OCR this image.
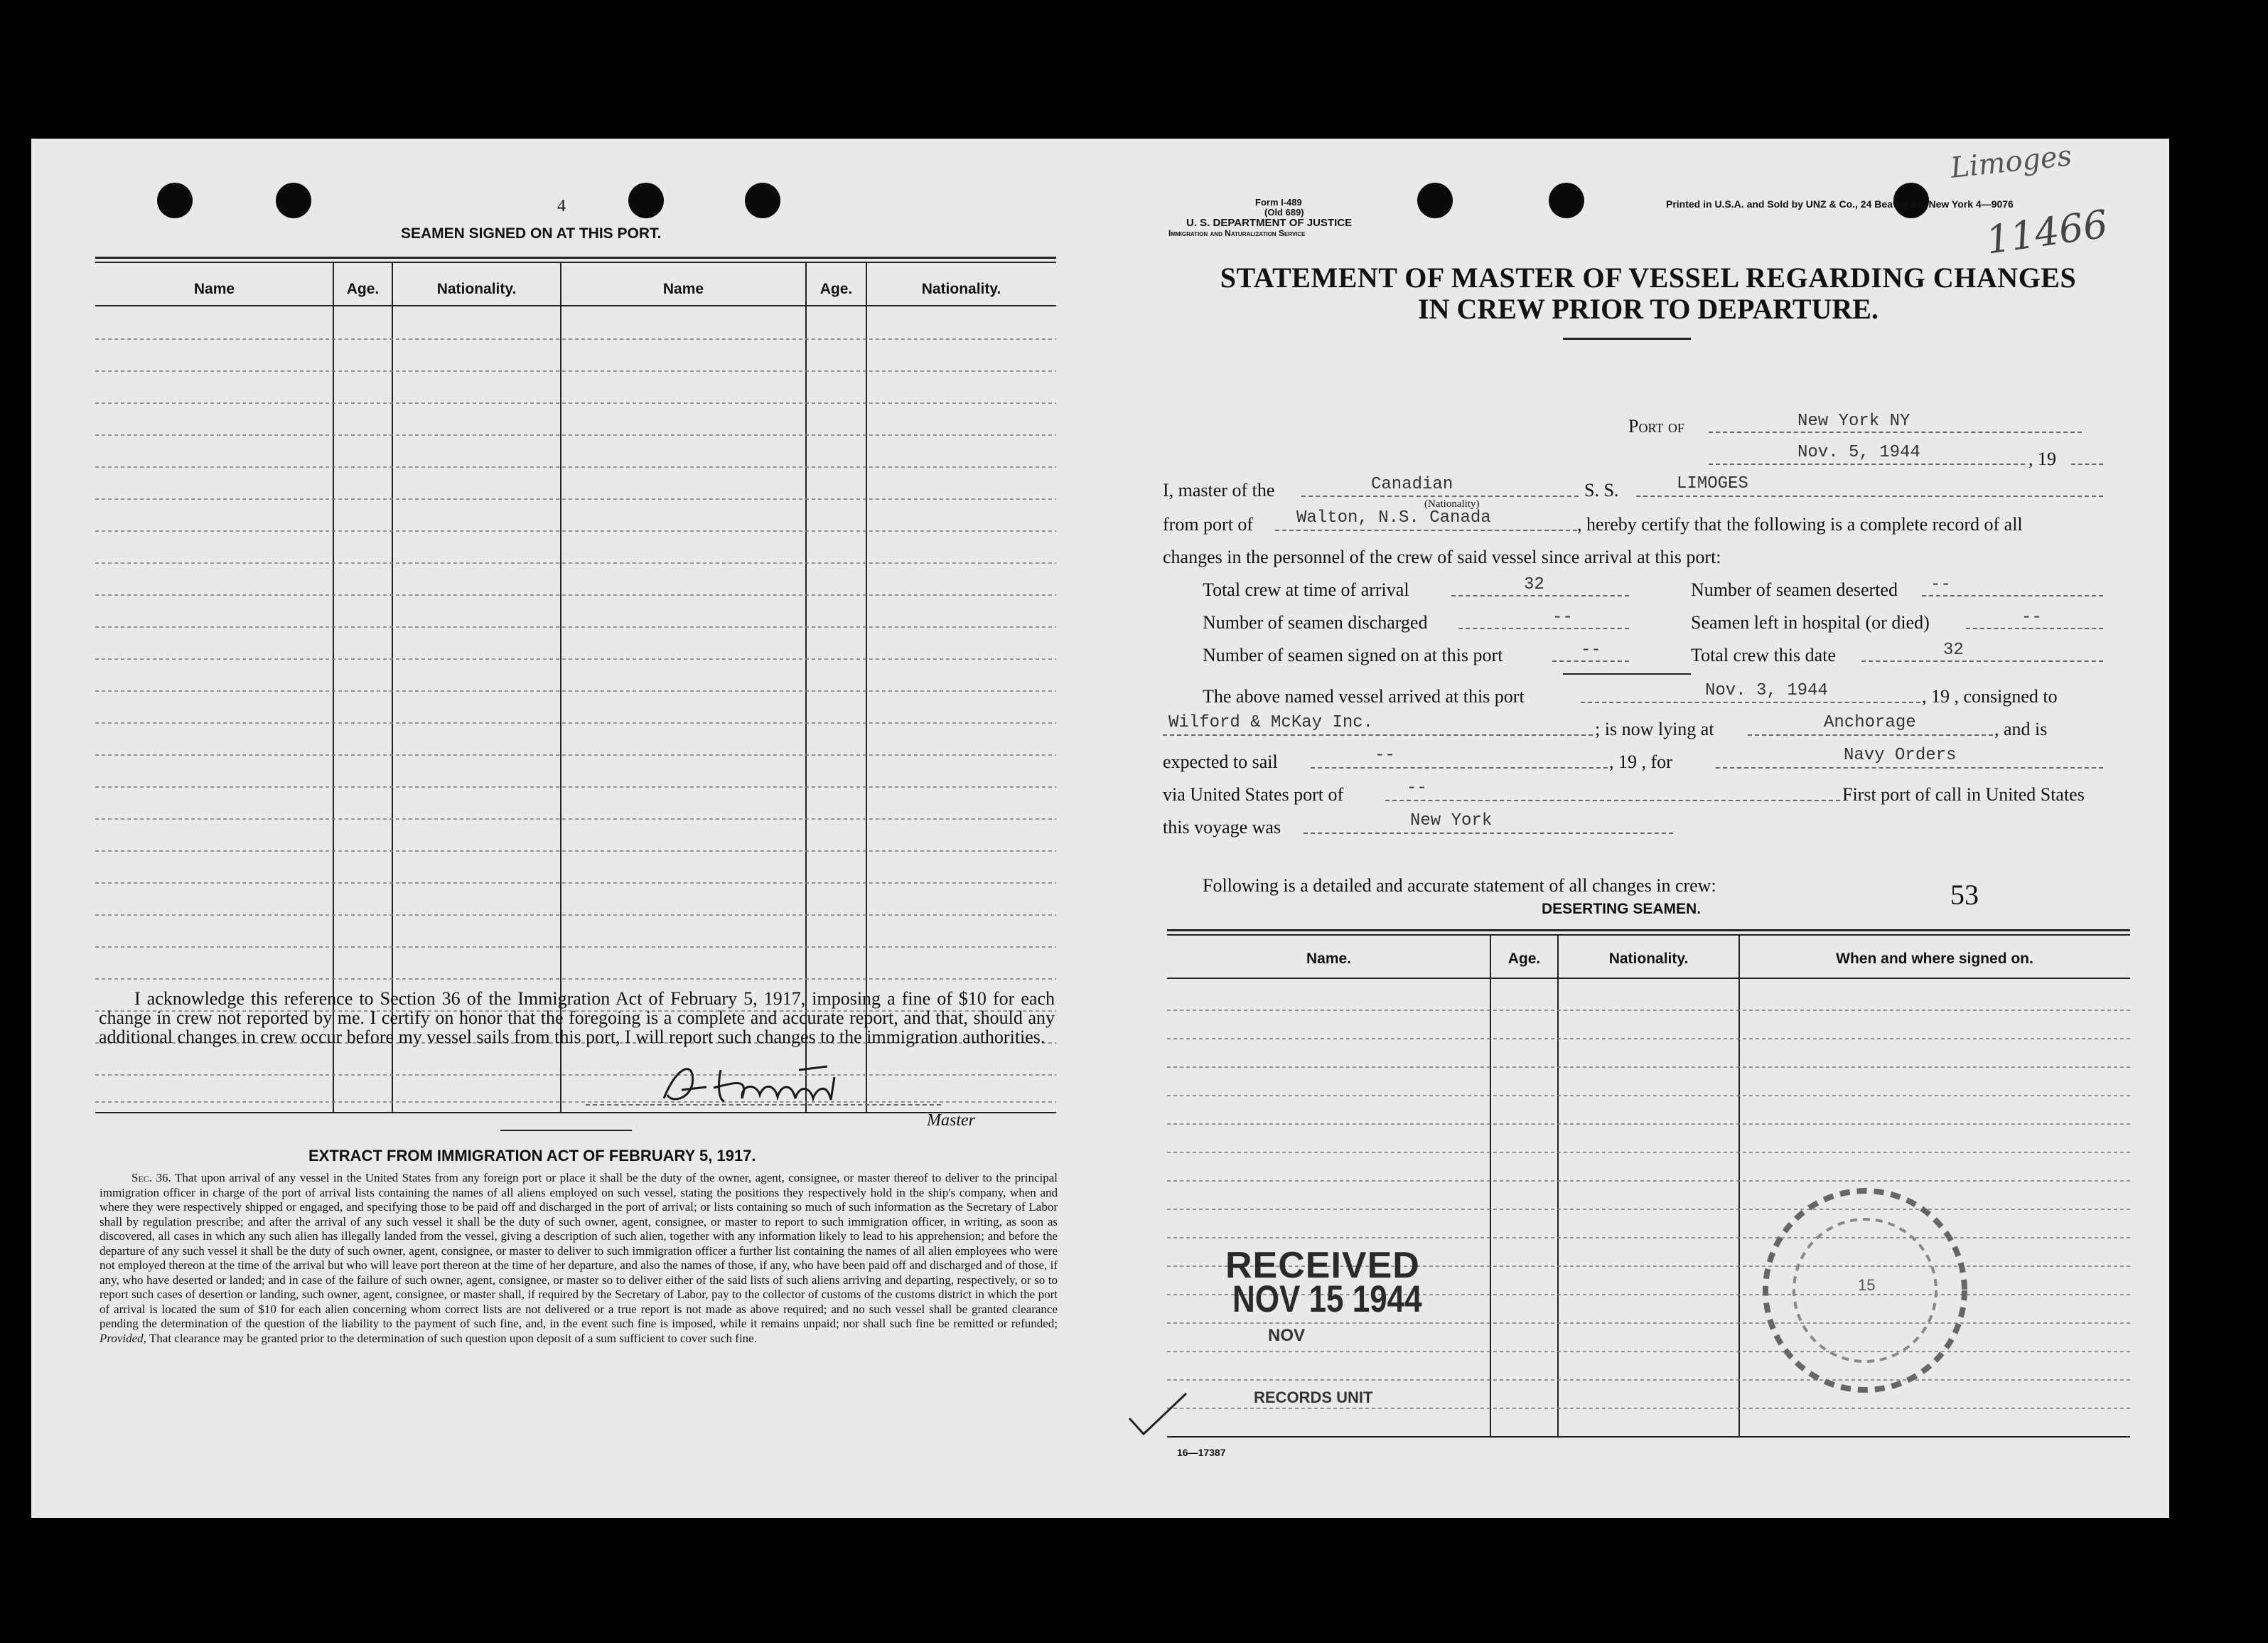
4
SEAMEN SIGNED ON AT THIS PORT.
Name	Age.	Nationality.	Name	Age.	Nationality.
I acknowledge this reference to Section 36 of the Immigration Act of February 5, 1917, imposing a fine of $10 for each change in crew not reported by me. I certify on honor that the foregoing is a complete and accurate report, and that, should any additional changes in crew occur before my vessel sails from this port, I will report such changes to the immigration authorities.
Master
EXTRACT FROM IMMIGRATION ACT OF FEBRUARY 5, 1917.
Sec. 36. That upon arrival of any vessel in the United States from any foreign port or place it shall be the duty of the owner, agent, consignee, or master thereof to deliver to the principal immigration officer in charge of the port of arrival lists containing the names of all aliens employed on such vessel, stating the positions they respectively hold in the ship's company, when and where they were respectively shipped or engaged, and specifying those to be paid off and discharged in the port of arrival; or lists containing so much of such information as the Secretary of Labor shall by regulation prescribe; and after the arrival of any such vessel it shall be the duty of such owner, agent, consignee, or master to report to such immigration officer, in writing, as soon as discovered, all cases in which any such alien has illegally landed from the vessel, giving a description of such alien, together with any information likely to lead to his apprehension; and before the departure of any such vessel it shall be the duty of such owner, agent, consignee, or master to deliver to such immigration officer a further list containing the names of all alien employees who were not employed thereon at the time of the arrival but who will leave port thereon at the time of her departure, and also the names of those, if any, who have been paid off and discharged and of those, if any, who have deserted or landed; and in case of the failure of such owner, agent, consignee, or master so to deliver either of the said lists of such aliens arriving and departing, respectively, or so to report such cases of desertion or landing, such owner, agent, consignee, or master shall, if required by the Secretary of Labor, pay to the collector of customs of the customs district in which the port of arrival is located the sum of $10 for each alien concerning whom correct lists are not delivered or a true report is not made as above required; and no such vessel shall be granted clearance pending the determination of the question of the liability to the payment of such fine, and, in the event such fine is imposed, while it remains unpaid; nor shall such fine be remitted or refunded; Provided, That clearance may be granted prior to the determination of such question upon deposit of a sum sufficient to cover such fine.
Form I-489
(Old 689)
U. S. DEPARTMENT OF JUSTICE
Immigration and Naturalization Service
Printed in U.S.A. and Sold by UNZ & Co., 24 Beaver St., New York 4—9076
Limoges
11466
STATEMENT OF MASTER OF VESSEL REGARDING CHANGES
IN CREW PRIOR TO DEPARTURE.
Port of	New York NY
Nov. 5, 1944	, 19
I, master of the	Canadian
(Nationality)
S. S.	LIMOGES
from port of	Walton, N.S. Canada	, hereby certify that the following is a complete record of all
changes in the personnel of the crew of said vessel since arrival at this port:
Total crew at time of arrival	32	Number of seamen deserted --
Number of seamen discharged	--	Seamen left in hospital (or died)	--
Number of seamen signed on at this port	--	Total crew this date	32
The above named vessel arrived at this port	Nov. 3, 1944	, 19 , consigned to
Wilford & McKay Inc.	; is now lying at	Anchorage	, and is
expected to sail	--	, 19 , for	Navy Orders
via United States port of	--	First port of call in United States
this voyage was	New York
Following is a detailed and accurate statement of all changes in crew:
DESERTING SEAMEN.	53
Name.	Age.	Nationality.	When and where signed on.
RECEIVED
NOV 15 1944
NOV
RECORDS UNIT
15
16—17387
